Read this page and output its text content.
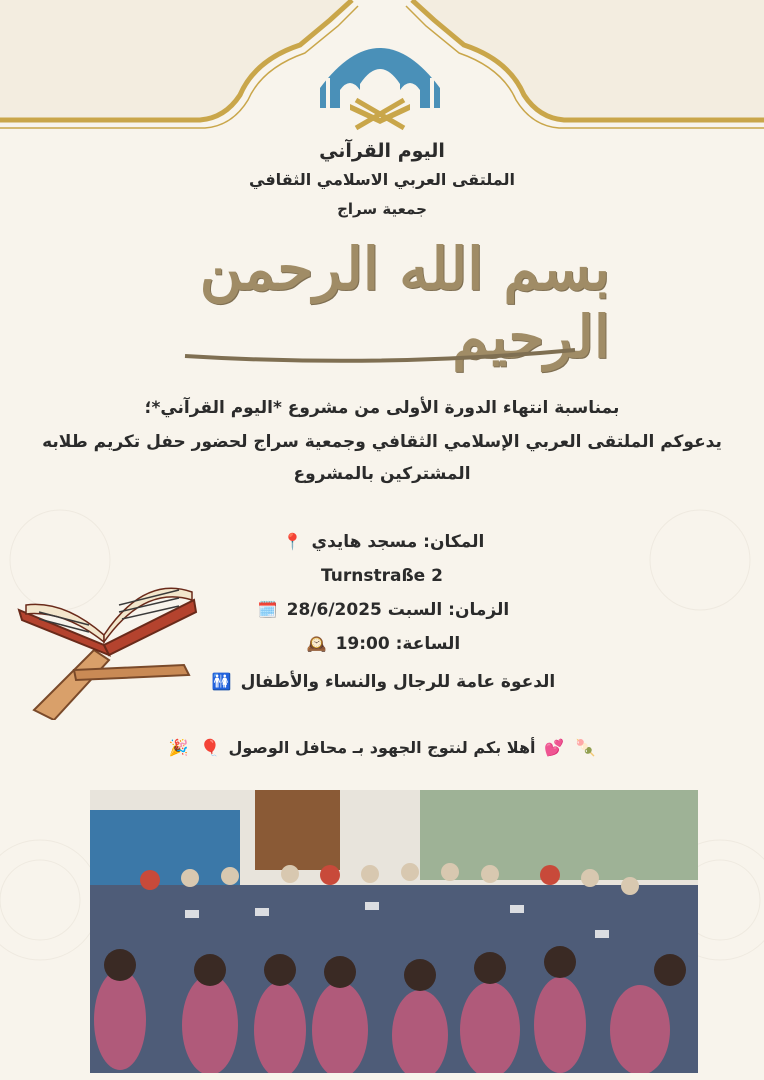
اليوم القرآني
الملتقى العربي الاسلامي الثقافي
جمعية سراج
بسم الله الرحمن الرحيم
بمناسبة انتهاء الدورة الأولى من مشروع *اليوم القرآني*؛
يدعوكم الملتقى العربي الإسلامي الثقافي وجمعية سراج لحضور حفل تكريم طلابه المشتركين بالمشروع
المكان: مسجد هايدي 📍
Turnstraße 2
الزمان: السبت 28/6/2025 🗓️
الساعة: 19:00 🕰️
الدعوة عامة للرجال والنساء والأطفال 🚻
🍡 💕 أهلا بكم لنتوج الجهود بـ محافل الوصول 🎈 🎉
